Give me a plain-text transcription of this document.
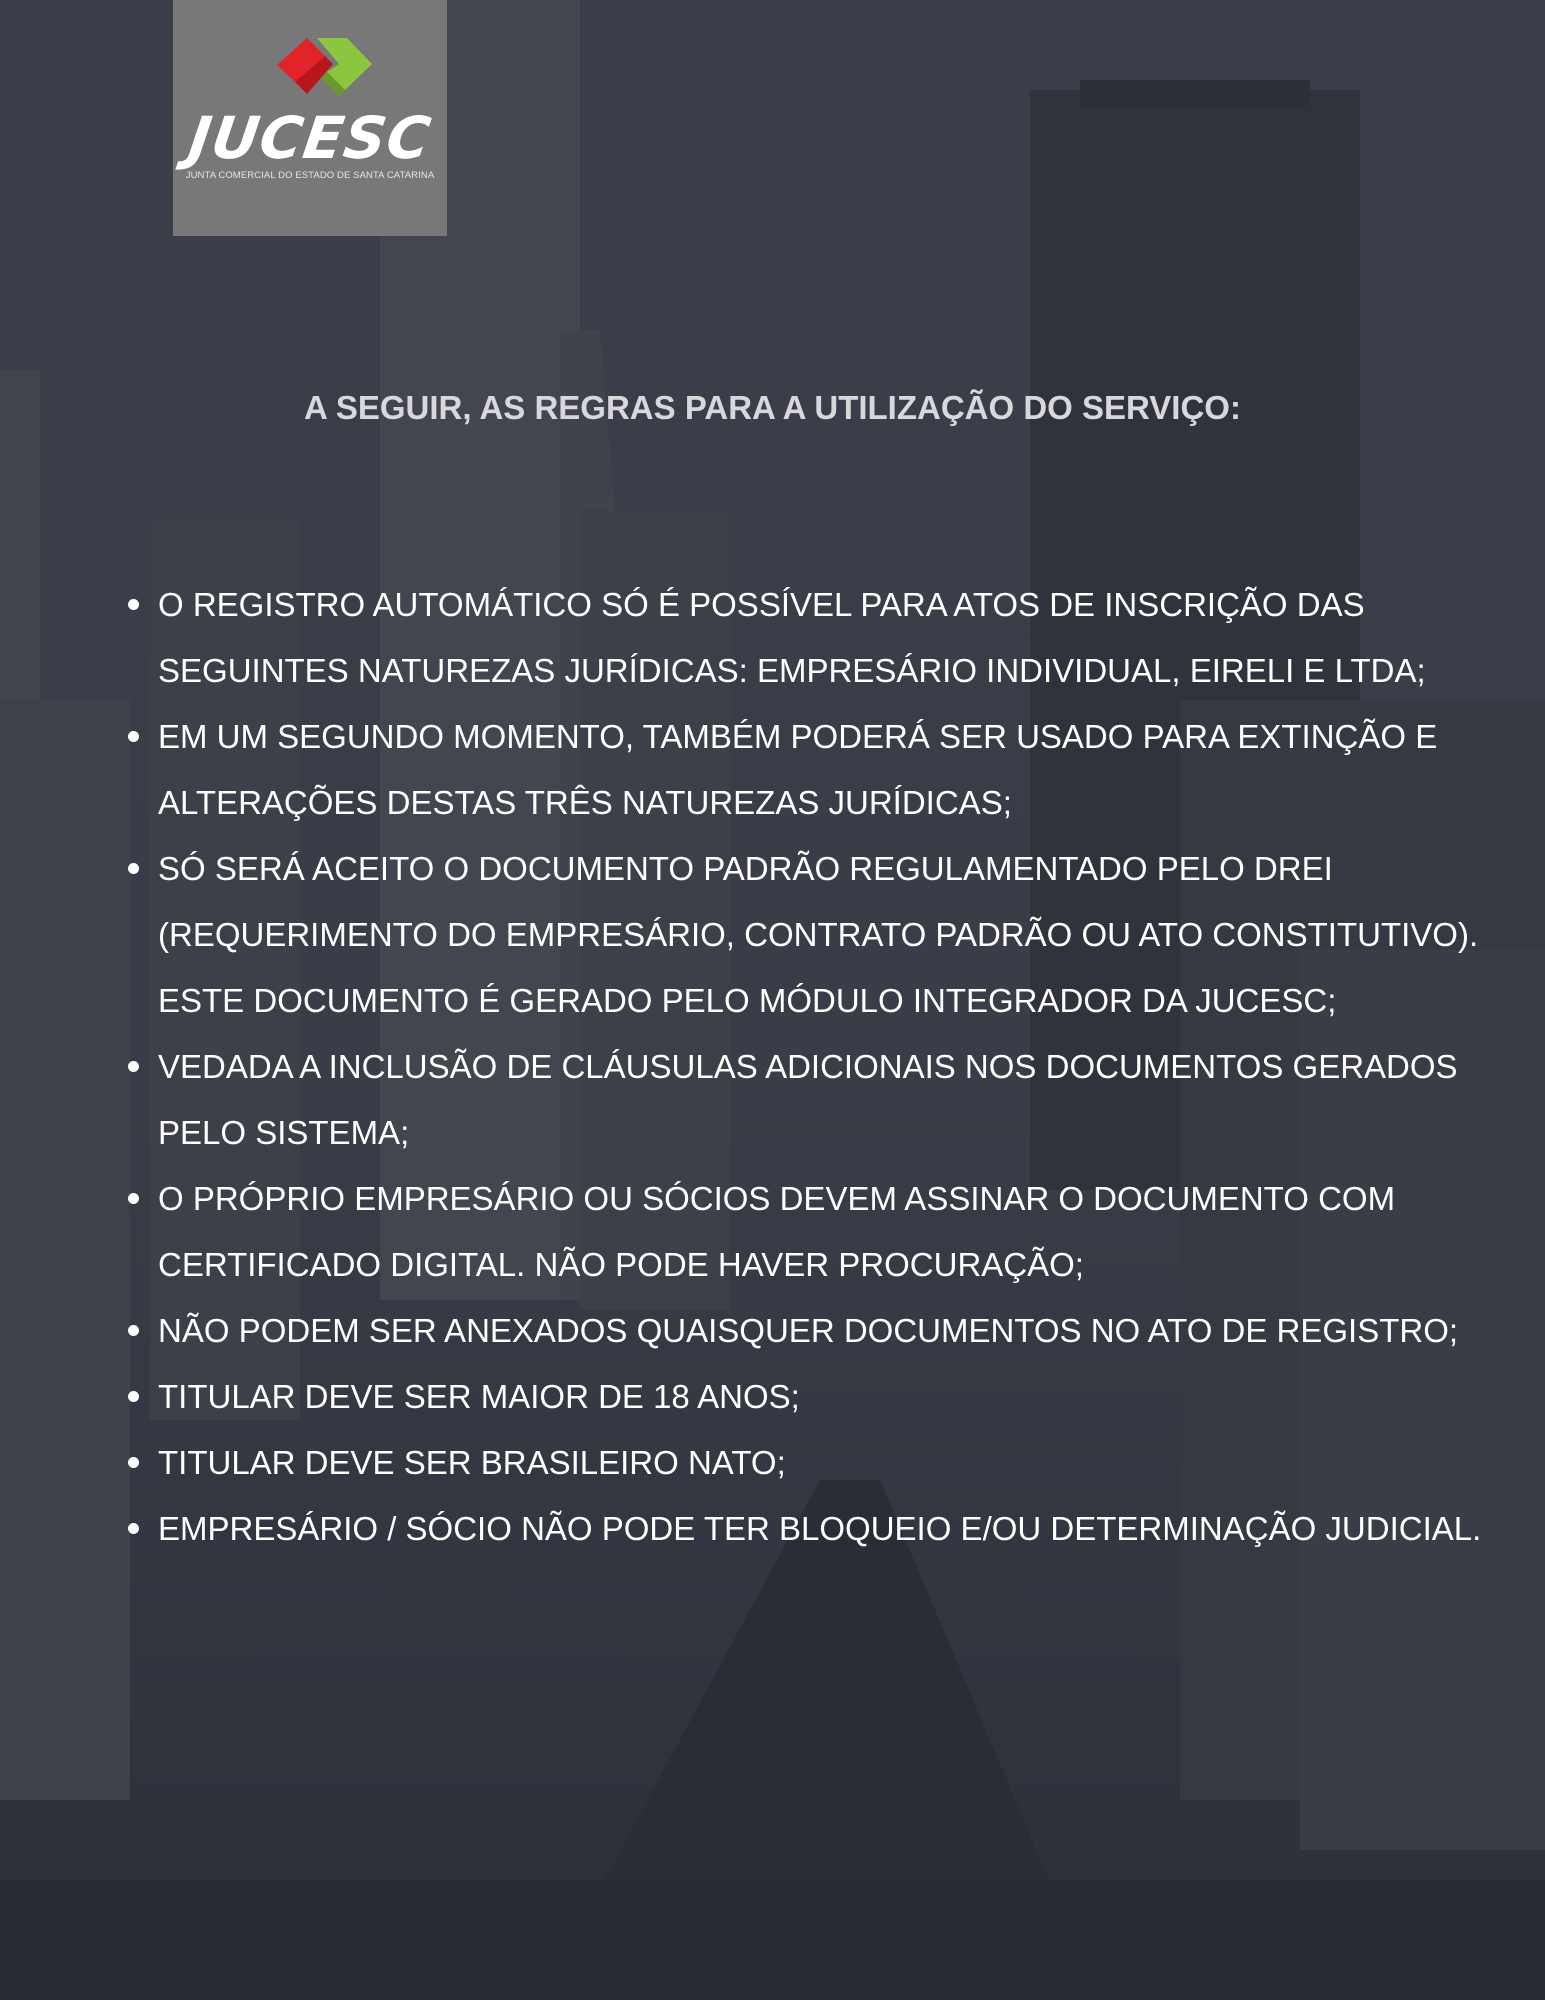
JUCESC
JUNTA COMERCIAL DO ESTADO DE SANTA CATARINA
A SEGUIR, AS REGRAS PARA A UTILIZAÇÃO DO SERVIÇO:
O REGISTRO AUTOMÁTICO SÓ É POSSÍVEL PARA ATOS DE INSCRIÇÃO DAS SEGUINTES NATUREZAS JURÍDICAS: EMPRESÁRIO INDIVIDUAL, EIRELI E LTDA;
EM UM SEGUNDO MOMENTO, TAMBÉM PODERÁ SER USADO PARA EXTINÇÃO E ALTERAÇÕES DESTAS TRÊS NATUREZAS JURÍDICAS;
SÓ SERÁ ACEITO O DOCUMENTO PADRÃO REGULAMENTADO PELO DREI (REQUERIMENTO DO EMPRESÁRIO, CONTRATO PADRÃO OU ATO CONSTITUTIVO). ESTE DOCUMENTO É GERADO PELO MÓDULO INTEGRADOR DA JUCESC;
VEDADA A INCLUSÃO DE CLÁUSULAS ADICIONAIS NOS DOCUMENTOS GERADOS PELO SISTEMA;
O PRÓPRIO EMPRESÁRIO OU SÓCIOS DEVEM ASSINAR O DOCUMENTO COM CERTIFICADO DIGITAL. NÃO PODE HAVER PROCURAÇÃO;
NÃO PODEM SER ANEXADOS QUAISQUER DOCUMENTOS NO ATO DE REGISTRO;
TITULAR DEVE SER MAIOR DE 18 ANOS;
TITULAR DEVE SER BRASILEIRO NATO;
EMPRESÁRIO / SÓCIO NÃO PODE TER BLOQUEIO E/OU DETERMINAÇÃO JUDICIAL.
